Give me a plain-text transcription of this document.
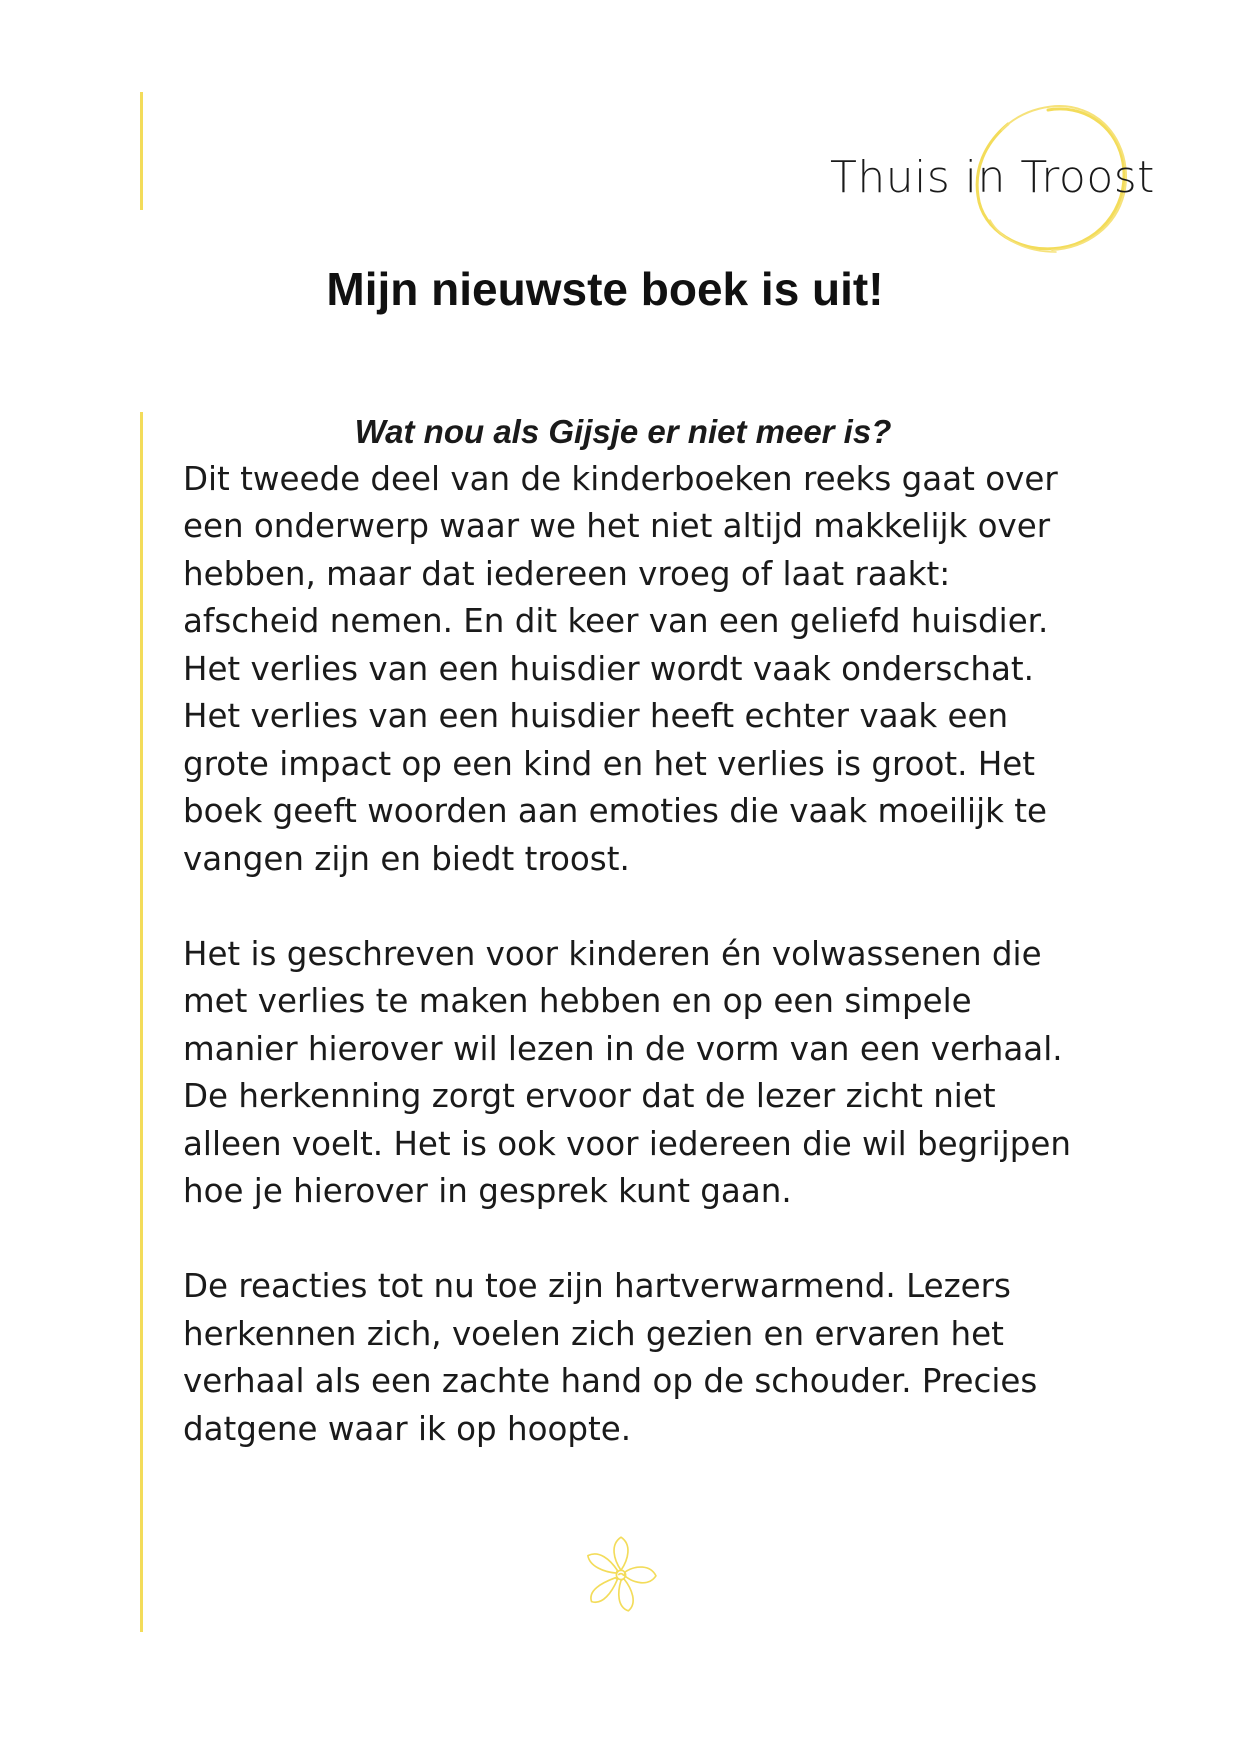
Thuis in Troost
Mijn nieuwste boek is uit!

Wat nou als Gijsje er niet meer is?

Dit tweede deel van de kinderboeken reeks gaat over
een onderwerp waar we het niet altijd makkelijk over
hebben, maar dat iedereen vroeg of laat raakt:
afscheid nemen. En dit keer van een geliefd huisdier.
Het verlies van een huisdier wordt vaak onderschat.
Het verlies van een huisdier heeft echter vaak een
grote impact op een kind en het verlies is groot. Het
boek geeft woorden aan emoties die vaak moeilijk te
vangen zijn en biedt troost.

Het is geschreven voor kinderen én volwassenen die
met verlies te maken hebben en op een simpele
manier hierover wil lezen in de vorm van een verhaal.
De herkenning zorgt ervoor dat de lezer zicht niet
alleen voelt. Het is ook voor iedereen die wil begrijpen
hoe je hierover in gesprek kunt gaan.

De reacties tot nu toe zijn hartverwarmend. Lezers
herkennen zich, voelen zich gezien en ervaren het
verhaal als een zachte hand op de schouder. Precies
datgene waar ik op hoopte.
